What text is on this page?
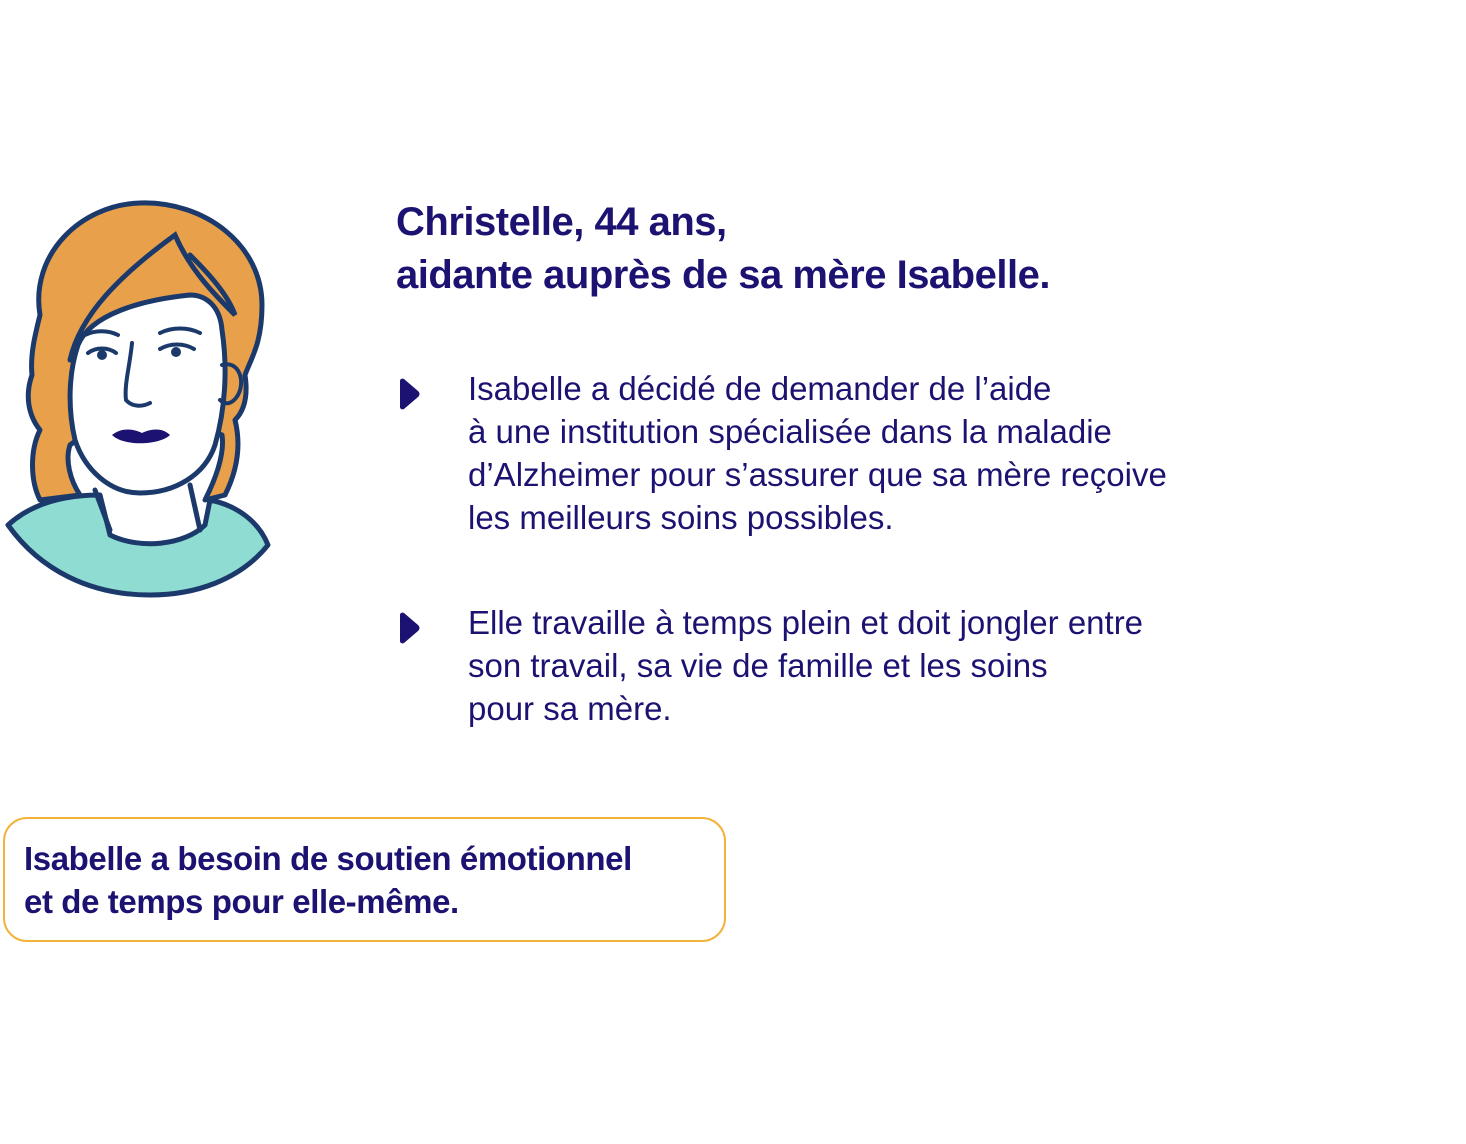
Christelle, 44 ans,
aidante auprès de sa mère Isabelle.
Isabelle a décidé de demander de l’aide
à une institution spécialisée dans la maladie
d’Alzheimer pour s’assurer que sa mère reçoive
les meilleurs soins possibles.
Elle travaille à temps plein et doit jongler entre
son travail, sa vie de famille et les soins
pour sa mère.

Isabelle a besoin de soutien émotionnel
et de temps pour elle-même.
